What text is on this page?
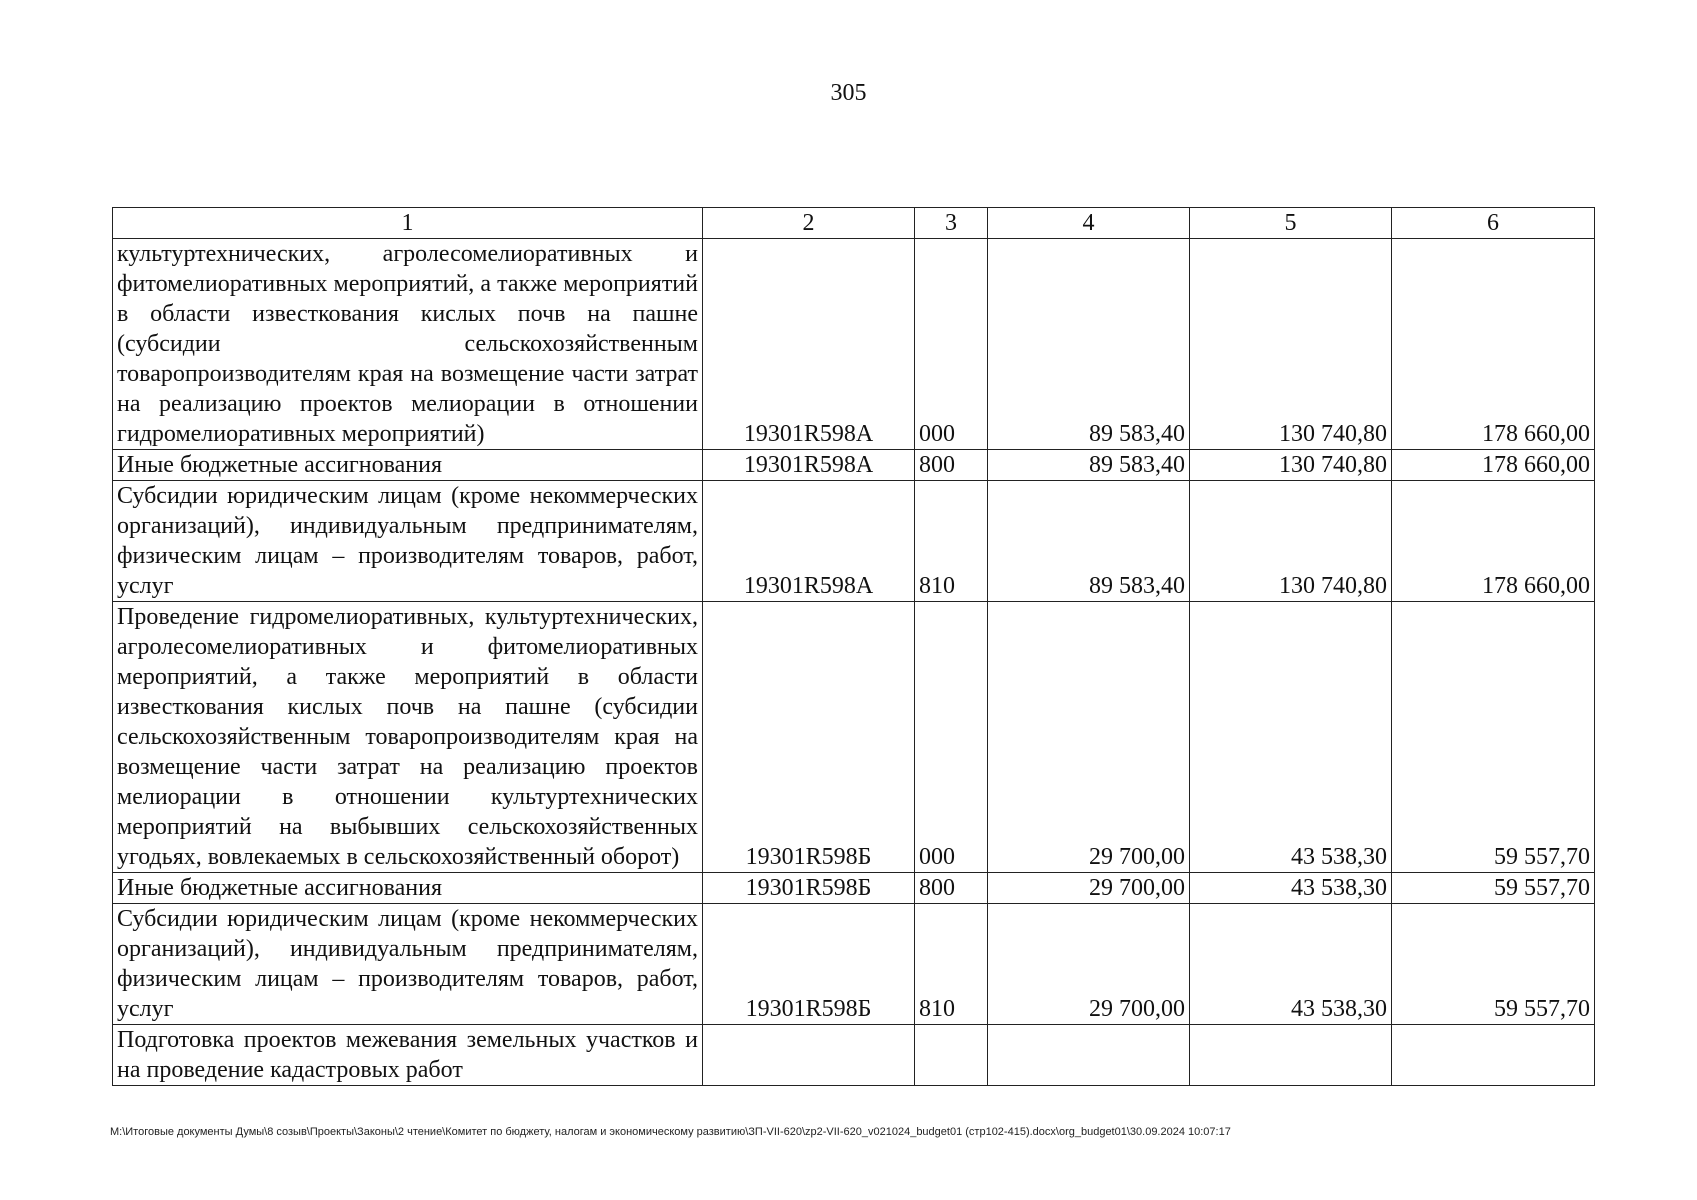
305
1	2	3	4	5	6
культуртехнических, агролесомелиоративных и фитомелиоративных мероприятий, а также мероприятий в области известкования кислых почв на пашне (субсидии сельскохозяйственным товаропроизводителям края на возмещение части затрат на реализацию проектов мелиорации в отношении гидромелиоративных мероприятий)	19301R598А	000	89 583,40	130 740,80	178 660,00
Иные бюджетные ассигнования	19301R598А	800	89 583,40	130 740,80	178 660,00
Субсидии юридическим лицам (кроме некоммерческих организаций), индивидуальным предпринимателям, физическим лицам – производителям товаров, работ, услуг	19301R598А	810	89 583,40	130 740,80	178 660,00
Проведение гидромелиоративных, культуртехнических, агролесомелиоративных и фитомелиоративных мероприятий, а также мероприятий в области известкования кислых почв на пашне (субсидии сельскохозяйственным товаропроизводителям края на возмещение части затрат на реализацию проектов мелиорации в отношении культуртехнических мероприятий на выбывших сельскохозяйственных угодьях, вовлекаемых в сельскохозяйственный оборот)	19301R598Б	000	29 700,00	43 538,30	59 557,70
Иные бюджетные ассигнования	19301R598Б	800	29 700,00	43 538,30	59 557,70
Субсидии юридическим лицам (кроме некоммерческих организаций), индивидуальным предпринимателям, физическим лицам – производителям товаров, работ, услуг	19301R598Б	810	29 700,00	43 538,30	59 557,70
Подготовка проектов межевания земельных участков и на проведение кадастровых работ					
M:\Итоговые документы Думы\8 созыв\Проекты\Законы\2 чтение\Комитет по бюджету, налогам и экономическому развитию\ЗП-VII-620\zp2-VII-620_v021024_budget01 (стр102-415).docx\org_budget01\30.09.2024 10:07:17
